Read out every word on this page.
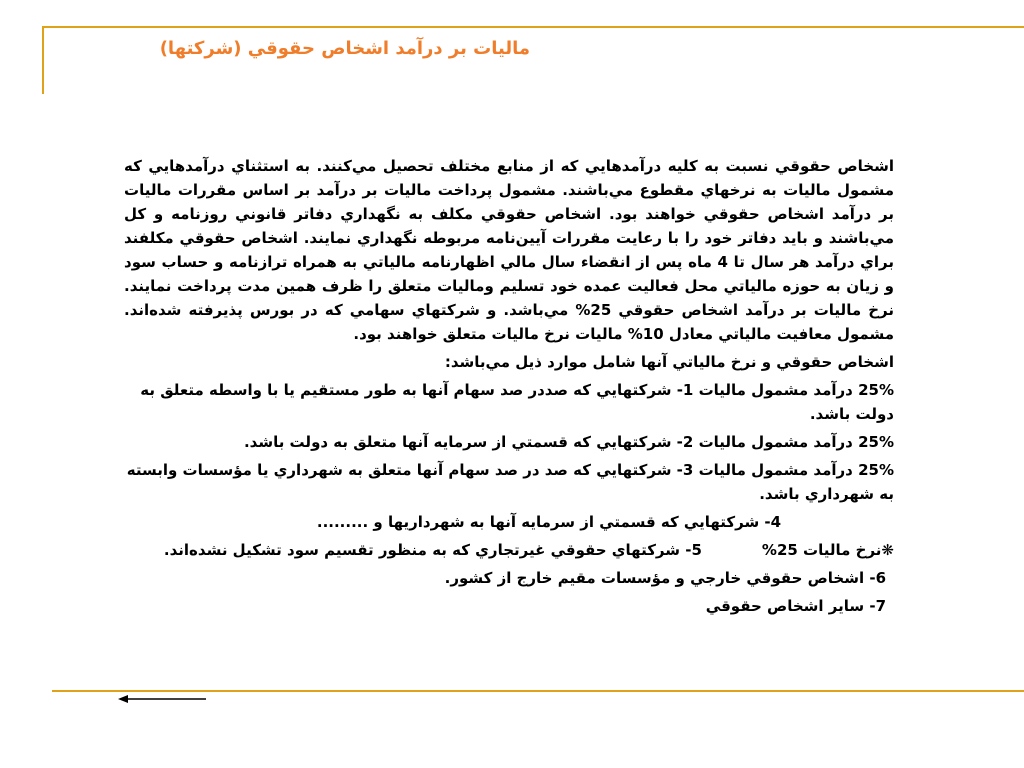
ماليات بر درآمد اشخاص حقوقي (شركتها)

اشخاص حقوقي نسبت به كليه درآمدهايي كه از منابع مختلف تحصيل مي‌كنند. به استثناي درآمدهايي كه مشمول ماليات به نرخهاي مقطوع مي‌باشند. مشمول پرداخت ماليات بر درآمد بر اساس مقررات ماليات بر درآمد اشخاص حقوقي خواهند بود. اشخاص حقوقي مكلف به نگهداري دفاتر قانوني روزنامه و كل مي‌باشند و بايد دفاتر خود را با رعايت مقررات آيين‌نامه مربوطه نگهداري نمايند. اشخاص حقوقي مكلفند براي درآمد هر سال تا 4 ماه پس از انقضاء سال مالي اظهارنامه مالياتي به همراه ترازنامه و حساب سود و زيان به حوزه مالياتي محل فعاليت عمده خود تسليم وماليات متعلق را ظرف همين مدت پرداخت نمايند. نرخ ماليات بر درآمد اشخاص حقوقي 25% مي‌باشد. و شركتهاي سهامي كه در بورس پذيرفته شده‌اند. مشمول معافيت مالياتي معادل 10% ماليات نرخ ماليات متعلق خواهند بود.

اشخاص حقوقي و نرخ مالياتي آنها شامل موارد ذيل مي‌باشد:

25% درآمد مشمول ماليات 1- شركتهايي كه صددر صد سهام آنها به طور مستقيم يا با واسطه متعلق به دولت باشد.

25% درآمد مشمول ماليات 2- شركتهايي كه قسمتي از سرمايه آنها متعلق به دولت باشد.

25% درآمد مشمول ماليات 3- شركتهايي كه صد در صد سهام آنها متعلق به شهرداري يا مؤسسات وابسته به شهرداري باشد.

4- شركتهايي كه قسمتي از سرمايه آنها به شهرداريها و .........

❋نرخ ماليات 25%5- شركتهاي حقوقي غيرتجاري كه به منظور تقسيم سود تشكيل نشده‌اند.

6- اشخاص حقوقي خارجي و مؤسسات مقيم خارج از كشور.

7- ساير اشخاص حقوقي
